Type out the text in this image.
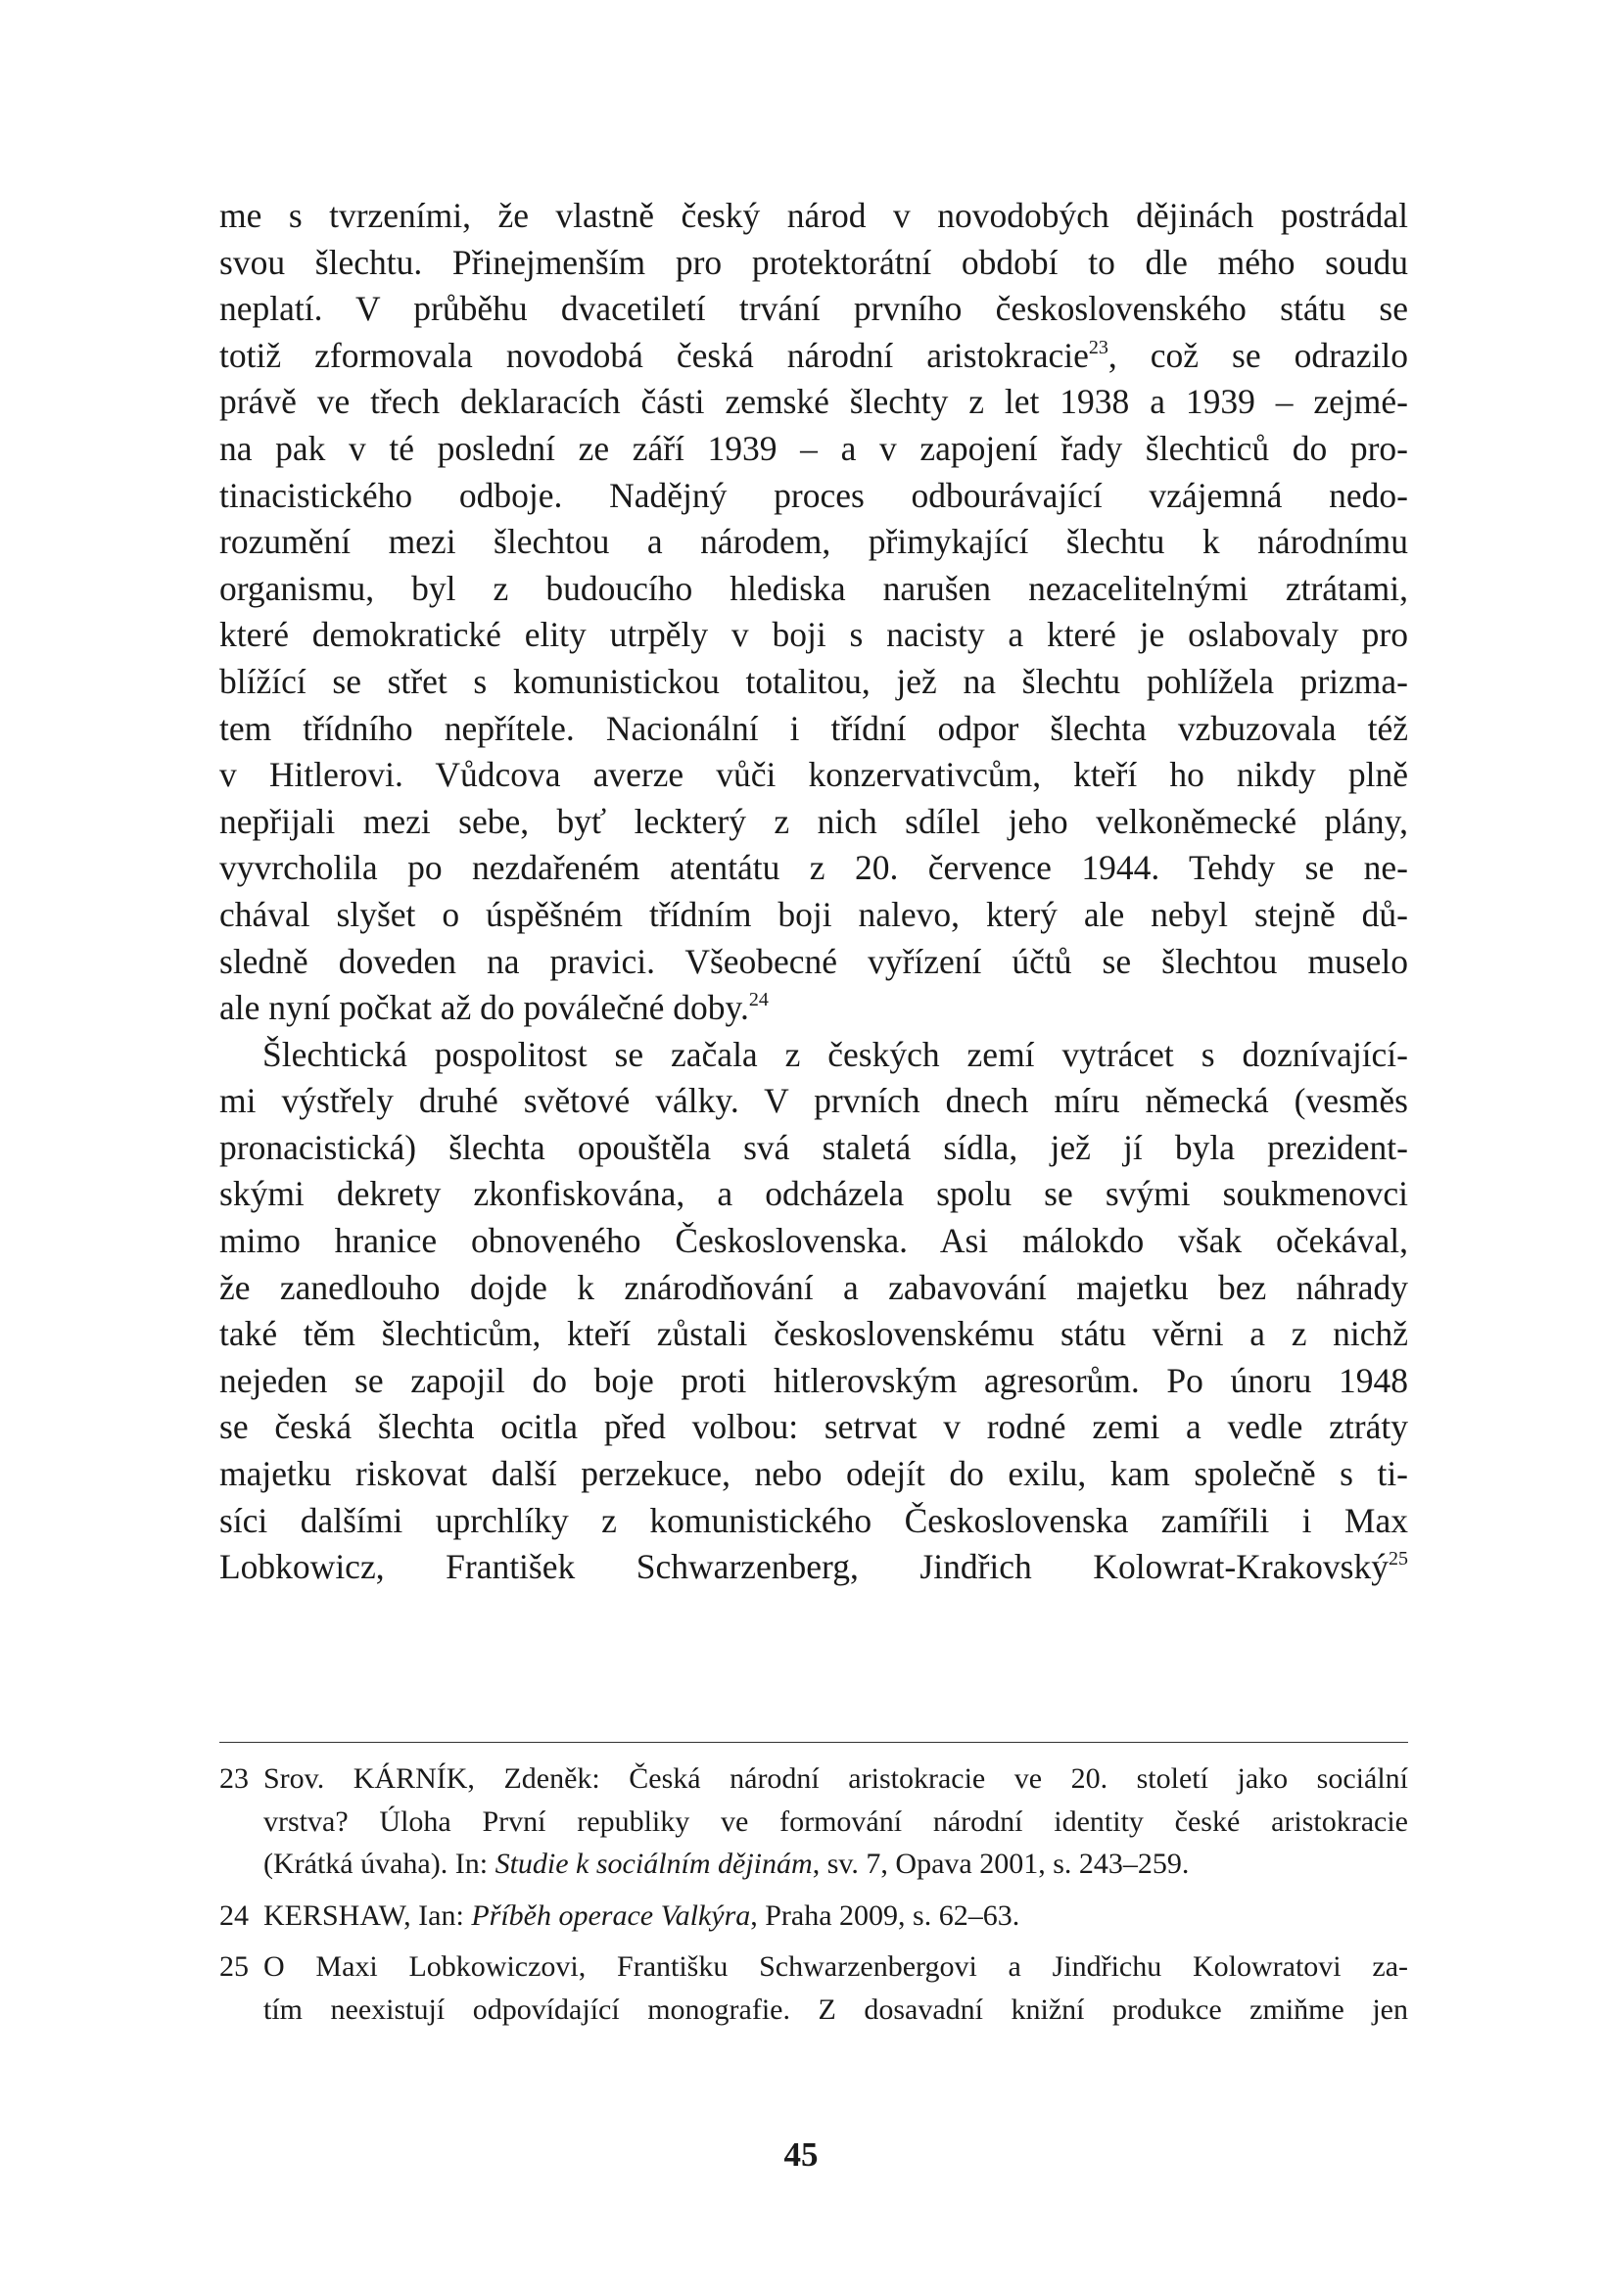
me s tvrzeními, že vlastně český národ v novodobých dějinách postrádal
svou šlechtu. Přinejmenším pro protektorátní období to dle mého soudu
neplatí. V průběhu dvacetiletí trvání prvního československého státu se
totiž zformovala novodobá česká národní aristokracie$^{23}$, což se odrazilo
právě ve třech deklaracích části zemské šlechty z let 1938 a 1939 – zejmé-
na pak v té poslední ze září 1939 – a v zapojení řady šlechticů do pro-
tinacistického odboje. Nadějný proces odbourávající vzájemná nedo-
rozumění mezi šlechtou a národem, přimykající šlechtu k národnímu
organismu, byl z budoucího hlediska narušen nezacelitelnými ztrátami,
které demokratické elity utrpěly v boji s nacisty a které je oslabovaly pro
blížící se střet s komunistickou totalitou, jež na šlechtu pohlížela prizma-
tem třídního nepřítele. Nacionální i třídní odpor šlechta vzbuzovala též
v Hitlerovi. Vůdcova averze vůči konzervativcům, kteří ho nikdy plně
nepřijali mezi sebe, byť leckterý z nich sdílel jeho velkoněmecké plány,
vyvrcholila po nezdařeném atentátu z 20. července 1944. Tehdy se ne-
chával slyšet o úspěšném třídním boji nalevo, který ale nebyl stejně dů-
sledně doveden na pravici. Všeobecné vyřízení účtů se šlechtou muselo
ale nyní počkat až do poválečné doby.$^{24}$
Šlechtická pospolitost se začala z českých zemí vytrácet s doznívající-
mi výstřely druhé světové války. V prvních dnech míru německá (vesměs
pronacistická) šlechta opouštěla svá staletá sídla, jež jí byla prezident-
skými dekrety zkonfiskována, a odcházela spolu se svými soukmenovci
mimo hranice obnoveného Československa. Asi málokdo však očekával,
že zanedlouho dojde k znárodňování a zabavování majetku bez náhrady
také těm šlechticům, kteří zůstali československému státu věrni a z nichž
nejeden se zapojil do boje proti hitlerovským agresorům. Po únoru 1948
se česká šlechta ocitla před volbou: setrvat v rodné zemi a vedle ztráty
majetku riskovat další perzekuce, nebo odejít do exilu, kam společně s ti-
síci dalšími uprchlíky z komunistického Československa zamířili i Max
Lobkowicz, František Schwarzenberg, Jindřich Kolowrat-Krakovský$^{25}$
23 Srov. KÁRNÍK, Zdeněk: Česká národní aristokracie ve 20. století jako sociální
vrstva? Úloha První republiky ve formování národní identity české aristokracie
(Krátká úvaha). In: Studie k sociálním dějinám, sv. 7, Opava 2001, s. 243–259.
24 KERSHAW, Ian: Příběh operace Valkýra, Praha 2009, s. 62–63.
25 O Maxi Lobkowiczovi, Františku Schwarzenbergovi a Jindřichu Kolowratovi za-
tím neexistují odpovídající monografie. Z dosavadní knižní produkce zmiňme jen
45
